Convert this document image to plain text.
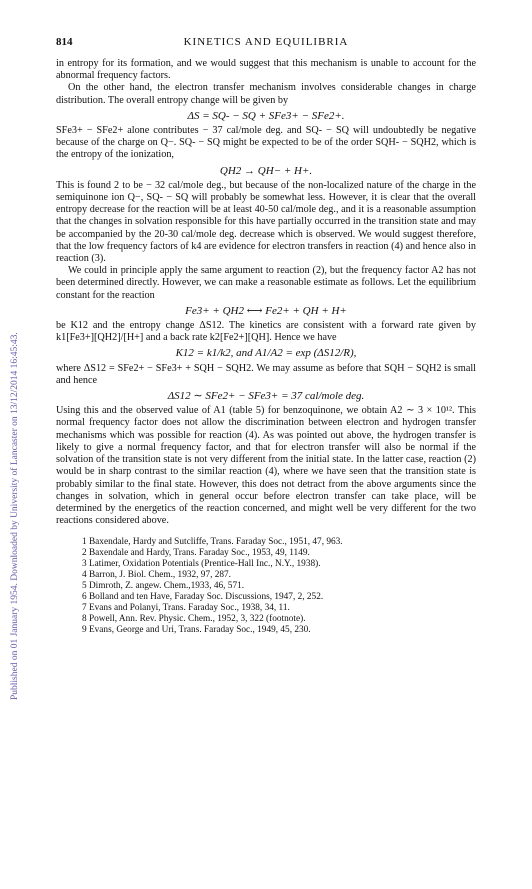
Published on 01 January 1954. Downloaded by University of Lancaster on 13/12/2014 16:45:43.
814	KINETICS AND EQUILIBRIA

in entropy for its formation, and we would suggest that this mechanism is unable to account for the abnormal frequency factors.

On the other hand, the electron transfer mechanism involves considerable changes in charge distribution. The overall entropy change will be given by

ΔS = SQ- − SQ + SFe3+ − SFe2+.

SFe3+ − SFe2+ alone contributes − 37 cal/mole deg. and SQ- − SQ will undoubtedly be negative because of the charge on Q−. SQ- − SQ might be expected to be of the order SQH- − SQH2, which is the entropy of the ionization,

QH2 → QH− + H+.

This is found 2 to be − 32 cal/mole deg., but because of the non-localized nature of the charge in the semiquinone ion Q−, SQ- − SQ will probably be somewhat less. However, it is clear that the overall entropy decrease for the reaction will be at least 40-50 cal/mole deg., and it is a reasonable assumption that the changes in solvation responsible for this have partially occurred in the transition state and may be accompanied by the 20-30 cal/mole deg. decrease which is observed. We would suggest therefore, that the low frequency factors of k4 are evidence for electron transfers in reaction (4) and hence also in reaction (3).

We could in principle apply the same argument to reaction (2), but the frequency factor A2 has not been determined directly. However, we can make a reasonable estimate as follows. Let the equilibrium constant for the reaction

Fe3+ + QH2 ⟷ Fe2+ + QH + H+

be K12 and the entropy change ΔS12. The kinetics are consistent with a forward rate given by k1[Fe3+][QH2]/[H+] and a back rate k2[Fe2+][QH]. Hence we have

K12 = k1/k2, and A1/A2 = exp (ΔS12/R),

where ΔS12 = SFe2+ − SFe3+ + SQH − SQH2. We may assume as before that SQH − SQH2 is small and hence

ΔS12 ∼ SFe2+ − SFe3+ = 37 cal/mole deg.

Using this and the observed value of A1 (table 5) for benzoquinone, we obtain A2 ∼ 3 × 10¹². This normal frequency factor does not allow the discrimination between electron and hydrogen transfer mechanisms which was possible for reaction (4). As was pointed out above, the hydrogen transfer is likely to give a normal frequency factor, and that for electron transfer will also be normal if the solvation of the transition state is not very different from the initial state. In the latter case, reaction (2) would be in sharp contrast to the similar reaction (4), where we have seen that the transition state is probably similar to the final state. However, this does not detract from the above arguments since the changes in solvation, which in general occur before electron transfer can take place, will be determined by the energetics of the reaction concerned, and might well be very different for the two reactions considered above.

1 Baxendale, Hardy and Sutcliffe, Trans. Faraday Soc., 1951, 47, 963.
2 Baxendale and Hardy, Trans. Faraday Soc., 1953, 49, 1149.
3 Latimer, Oxidation Potentials (Prentice-Hall Inc., N.Y., 1938).
4 Barron, J. Biol. Chem., 1932, 97, 287.
5 Dimroth, Z. angew. Chem.,1933, 46, 571.
6 Bolland and ten Have, Faraday Soc. Discussions, 1947, 2, 252.
7 Evans and Polanyi, Trans. Faraday Soc., 1938, 34, 11.
8 Powell, Ann. Rev. Physic. Chem., 1952, 3, 322 (footnote).
9 Evans, George and Uri, Trans. Faraday Soc., 1949, 45, 230.
